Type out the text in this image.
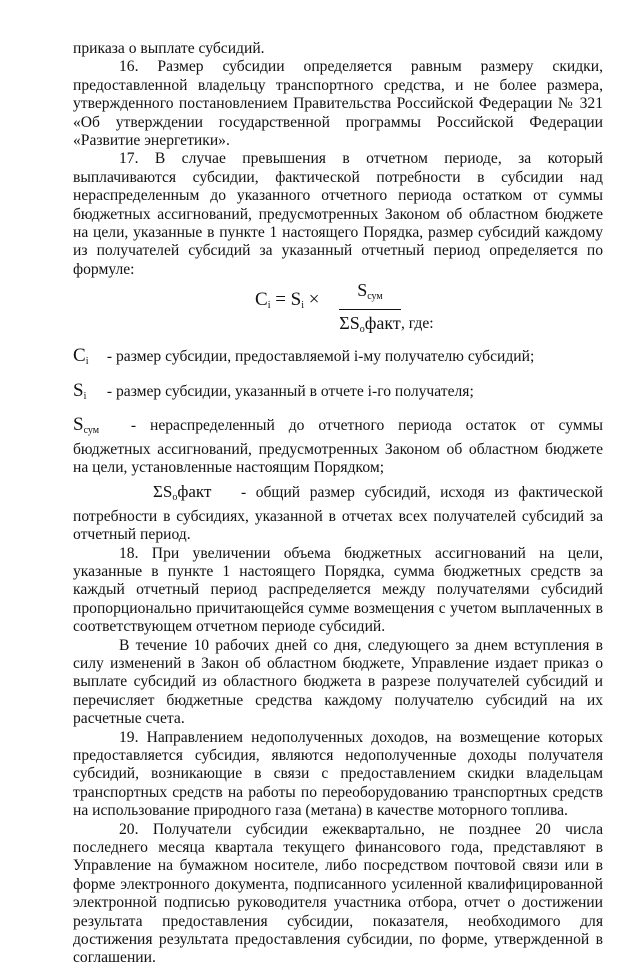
приказа о выплате субсидий.

16. Размер субсидии определяется равным размеру скидки, предоставленной владельцу транспортного средства, и не более размера, утвержденного постановлением Правительства Российской Федерации № 321 «Об утверждении государственной программы Российской Федерации «Развитие энергетики».

17. В случае превышения в отчетном периоде, за который выплачиваются субсидии, фактической потребности в субсидии над нераспределенным до указанного отчетного периода остатком от суммы бюджетных ассигнований, предусмотренных Законом об областном бюджете на цели, указанные в пункте 1 настоящего Порядка, размер субсидий каждому из получателей субсидий за указанный отчетный период определяется по формуле:

$C_i = S_i$ ×	$S_{сум}$
$\Sigma S_oфакт$ , где:

$C_i$ - размер субсидии, предоставляемой i-му получателю субсидий;

$S_i$ - размер субсидии, указанный в отчете i-го получателя;

$S_{сум}$ - нераспределенный до отчетного периода остаток от суммы бюджетных ассигнований, предусмотренных Законом об областном бюджете на цели, установленные настоящим Порядком;

$\Sigma S_oфакт$ - общий размер субсидий, исходя из фактической потребности в субсидиях, указанной в отчетах всех получателей субсидий за отчетный период.

18. При увеличении объема бюджетных ассигнований на цели, указанные в пункте 1 настоящего Порядка, сумма бюджетных средств за каждый отчетный период распределяется между получателями субсидий пропорционально причитающейся сумме возмещения с учетом выплаченных в соответствующем отчетном периоде субсидий.

В течение 10 рабочих дней со дня, следующего за днем вступления в силу изменений в Закон об областном бюджете, Управление издает приказ о выплате субсидий из областного бюджета в разрезе получателей субсидий и перечисляет бюджетные средства каждому получателю субсидий на их расчетные счета.

19. Направлением недополученных доходов, на возмещение которых предоставляется субсидия, являются недополученные доходы получателя субсидий, возникающие в связи с предоставлением скидки владельцам транспортных средств на работы по переоборудованию транспортных средств на использование природного газа (метана) в качестве моторного топлива.

20. Получатели субсидии ежеквартально, не позднее 20 числа последнего месяца квартала текущего финансового года, представляют в Управление на бумажном носителе, либо посредством почтовой связи или в форме электронного документа, подписанного усиленной квалифицированной электронной подписью руководителя участника отбора, отчет о достижении результата предоставления субсидии, показателя, необходимого для достижения результата предоставления субсидии, по форме, утвержденной в соглашении.
